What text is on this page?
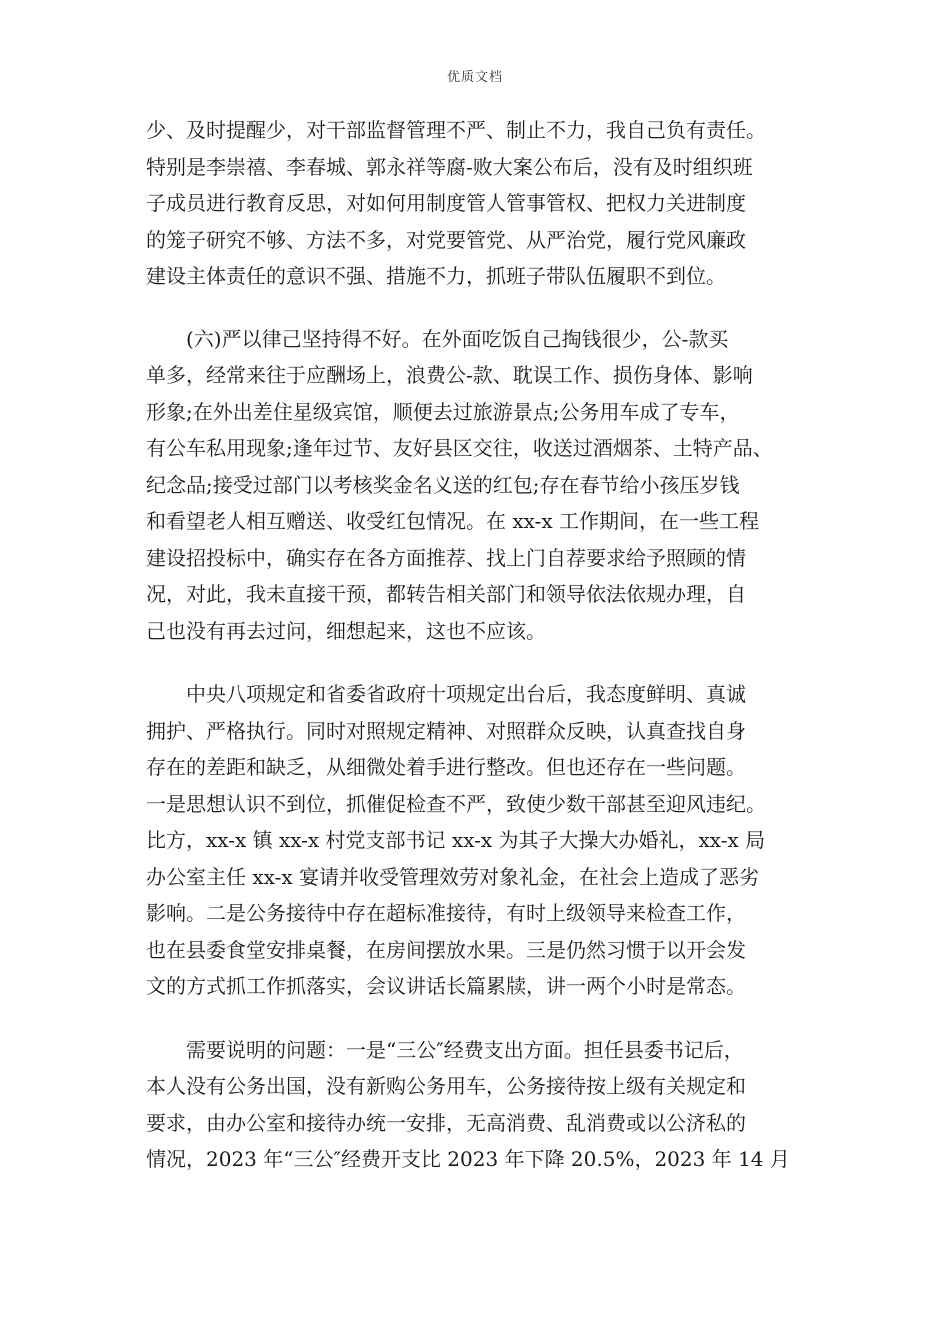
优质文档

少、及时提醒少，对干部监督管理不严、制止不力，我自己负有责任。
特别是李崇禧、李春城、郭永祥等腐-败大案公布后，没有及时组织班
子成员进行教育反思，对如何用制度管人管事管权、把权力关进制度
的笼子研究不够、方法不多，对党要管党、从严治党，履行党风廉政
建设主体责任的意识不强、措施不力，抓班子带队伍履职不到位。

　　(六)严以律己坚持得不好。在外面吃饭自己掏钱很少，公-款买
单多，经常来往于应酬场上，浪费公-款、耽误工作、损伤身体、影响
形象;在外出差住星级宾馆，顺便去过旅游景点;公务用车成了专车，
有公车私用现象;逢年过节、友好县区交往，收送过酒烟茶、土特产品、
纪念品;接受过部门以考核奖金名义送的红包;存在春节给小孩压岁钱
和看望老人相互赠送、收受红包情况。在 xx-x 工作期间，在一些工程
建设招投标中，确实存在各方面推荐、找上门自荐要求给予照顾的情
况，对此，我未直接干预，都转告相关部门和领导依法依规办理，自
己也没有再去过问，细想起来，这也不应该。

　　中央八项规定和省委省政府十项规定出台后，我态度鲜明、真诚
拥护、严格执行。同时对照规定精神、对照群众反映，认真查找自身
存在的差距和缺乏，从细微处着手进行整改。但也还存在一些问题。
一是思想认识不到位，抓催促检查不严，致使少数干部甚至迎风违纪。
比方，xx-x 镇 xx-x 村党支部书记 xx-x 为其子大操大办婚礼，xx-x 局
办公室主任 xx-x 宴请并收受管理效劳对象礼金，在社会上造成了恶劣
影响。二是公务接待中存在超标准接待，有时上级领导来检查工作，
也在县委食堂安排桌餐，在房间摆放水果。三是仍然习惯于以开会发
文的方式抓工作抓落实，会议讲话长篇累牍，讲一两个小时是常态。

　　需要说明的问题：一是“三公″经费支出方面。担任县委书记后，
本人没有公务出国，没有新购公务用车，公务接待按上级有关规定和
要求，由办公室和接待办统一安排，无高消费、乱消费或以公济私的
情况，2023 年“三公″经费开支比 2023 年下降 20.5%，2023 年 14 月
